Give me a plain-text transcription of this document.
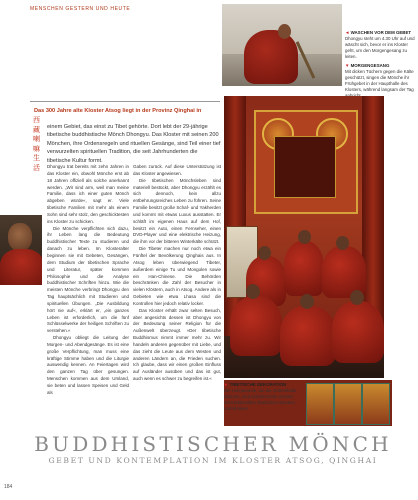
MENSCHEN GESTERN UND HEUTE

◄ WASCHEN VOR DEM GEBET
Dhongyu steht um 4.30 Uhr auf und wäscht sich, bevor er ins Kloster geht, um den Morgengesang zu leiten.

▼ MORGENGESANG
Mit dicken Tüchern gegen die Kälte geschützt, singen die Mönche ihr Frühgebet in der Haupthalle des Klosters, während langsam der Tag

Das 300 Jahre alte Kloster Atsog liegt in der Provinz Qinghai in
西
藏
喇
嘛
生
活
einem Gebiet, das einst zu Tibet gehörte. Dort lebt der 29-jährige tibetische buddhistische Mönch Dhongyu. Das Kloster mit seinen 200 Mönchen, ihre Ordensregeln und rituellen Gesänge, sind Teil einer tief verwurzelten spirituellen Tradition, die seit Jahrhunderten die tibetische Kultur formt.

Dhongyu trat bereits mit zehn Jahren in das Kloster ein, obwohl Mönche erst ab 18 Jahren offiziell als solche anerkannt werden. „Wir sind arm, weil man meine Familie, dass ich einer guten Mönch abgeben würde«, sagt er. Viele tibetische Familien mit mehr als einem Sohn sind sehr stolz, den geschicktesten ins Kloster zu schicken.

Die Mönche verpflichten sich dazu, ihr Leben lang die Bedeutung buddhistischer Texte zu studieren und danach zu leben. Im Klosteralter beginnen sie mit Gebeten, Gesängen, dem Studium der tibetischen Sprache und Literatur, später kommen Philosophie und die Analyse buddhistischer Schriften hinzu. Wie die meisten Mönche verbringt Dhongyu den Tag hauptsächlich mit Studieren und spirituellen Übungen. „Die Ausbildung hört nie auf«, erklärt er, „ein ganzes Leben ist erforderlich, um die fünf Schlüsselwerke der heiligen Schriften zu verstehen.«

Dhongyu obliegt die Leitung der Morgen- und Abendgesänge. Es ist eine große Verpflichtung, man muss eine kräftige Stimme haben und die Liturgie auswendig kennen. An Feiertagen wird den ganzen Tag über gesungen. Menschen kommen aus dem Umland, sie beten und lassen Speisen und Geld als

Gaben zurück. Auf diese Unterstützung ist das Kloster angewiesen.

Die tibetischen Mönchsleben sind materiell bestückt, aber Dhongyu erzählt es sich dennoch, kein allzu entbehrungsreiches Leben zu führen. Seine Familie besitzt große Schaf- und Yakherden und kommt mit etwas Luxus ausstatten. Er schläft im eigenen Haus auf dem Hof, besitzt ein Auto, einen Fernseher, einen DVD-Player und eine elektrische Heizung, die ihm vor der bitteren Winterkälte schützt.

Die Tibeter machen nur noch etwa ein Fünftel der Bevölkerung Qinghais aus. In Atsog leben überwiegend Tibeter, außerdem einige Tu und Mongolen sowie ein Han-Chinese. Die Behörden beschränken die Zahl der Besucher in vielen Klöstern, auch in Atsog. Andere als in Gebieten wie etwa Lhasa sind die Kontrollen hier jedoch relativ locker.

Das Kloster erhält zwar selten Besuch, aber angesichts dessen ist Dhongyu von der Bedeutung seiner Religion für die Außenwelt überzeugt. »Der tibetische Buddhismus nimmt immer mehr zu. Wir handeln anderen gegenüber mit Liebe, und das zieht die Leute aus dem Westen und anderen Ländern an, die Frieden suchen. Ich glaube, dass wir einen großen Einfluss auf Ausländer ausüben und das ist gut, auch wenn es schwer zu begreifen ist.«

► TIBETISCHE DEKORATION
Die Holzpaneele, die die Gebetshalle säumen, sind wunderschön verziert mit traditionellen tibetischen Mustern und Motiven.
BUDDHISTISCHER MÖNCH
GEBET UND KONTEMPLATION IM KLOSTER ATSOG, QINGHAI
184
